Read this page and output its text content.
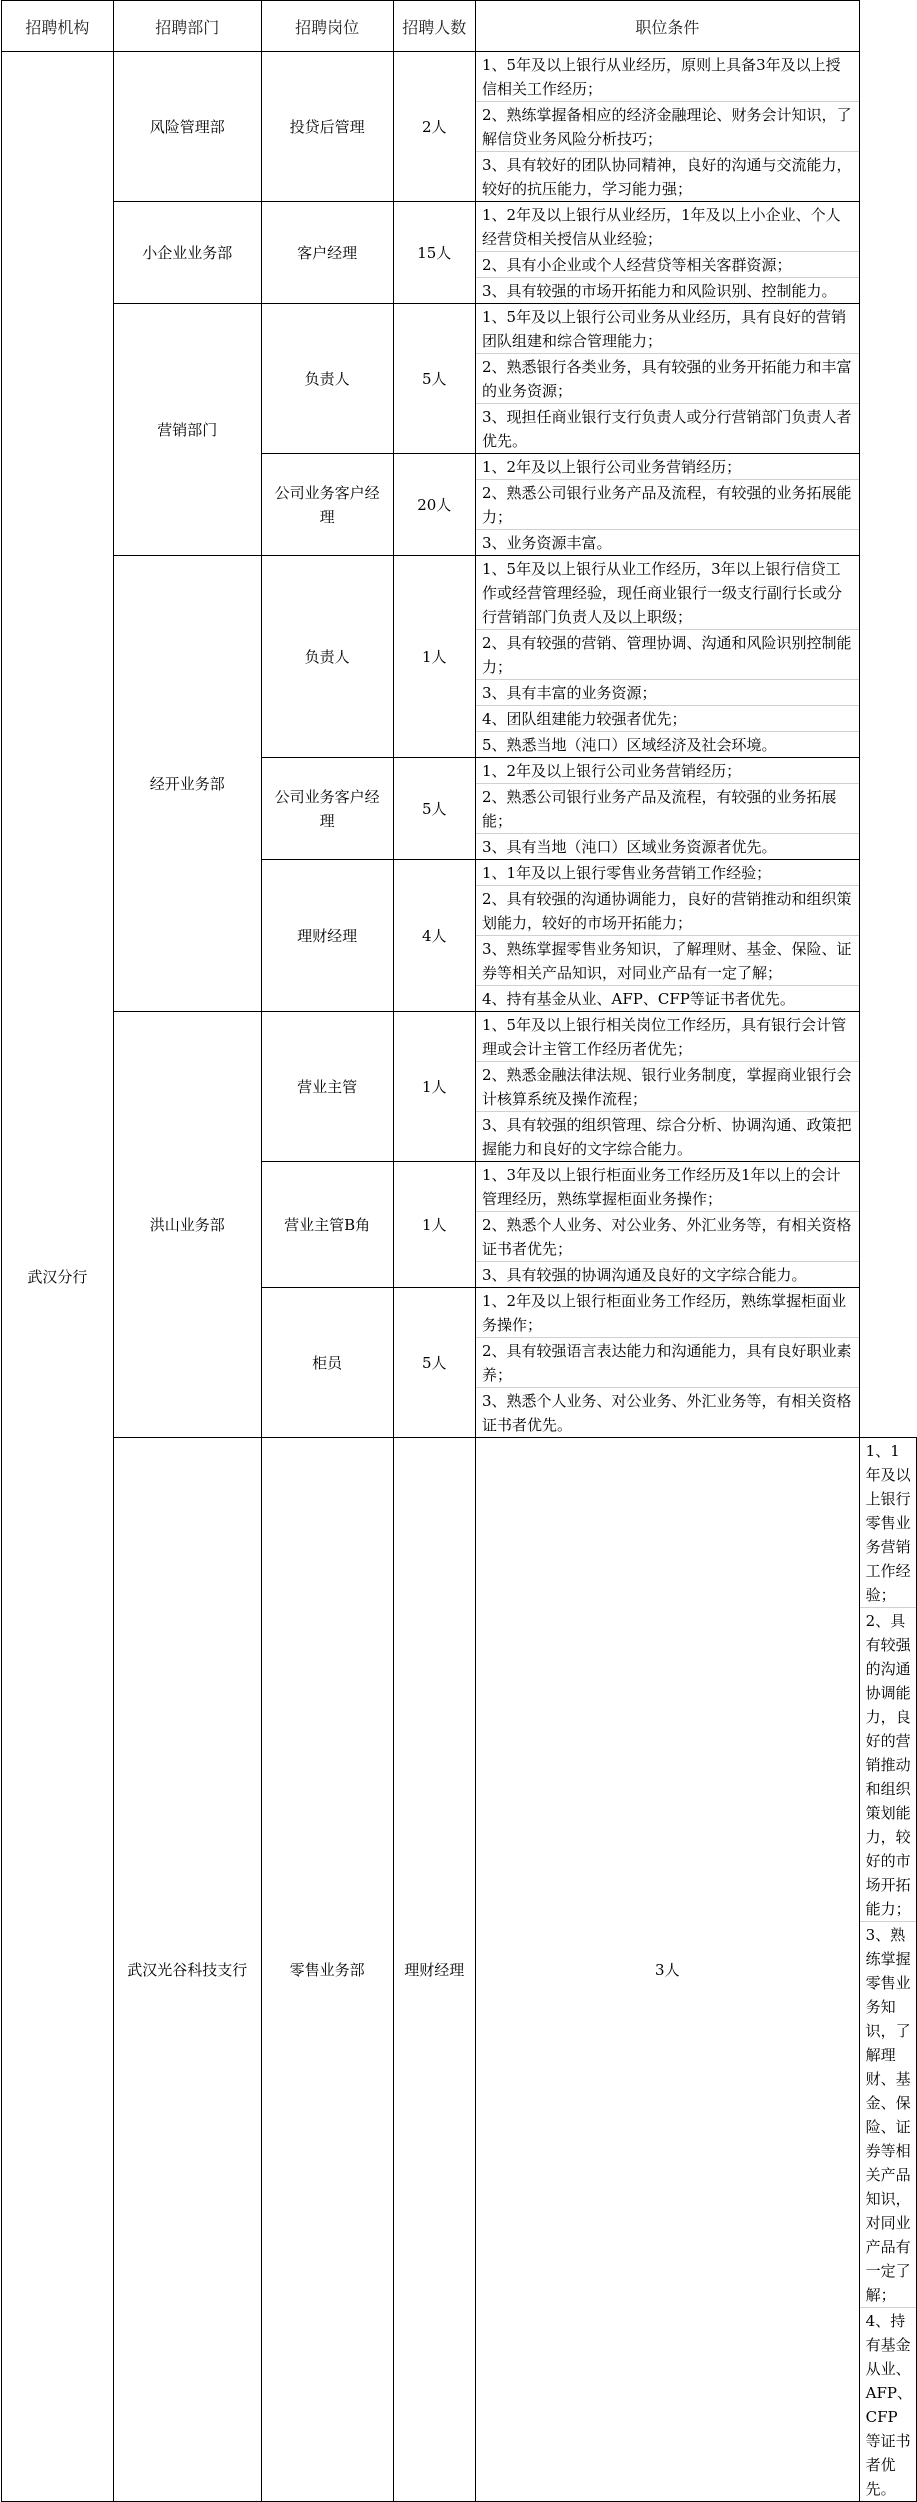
招聘机构	招聘部门	招聘岗位	招聘人数	职位条件	
武汉分行	风险管理部	投贷后管理	2人	1、5年及以上银行从业经历，原则上具备3年及以上授信相关工作经历；
2、熟练掌握备相应的经济金融理论、财务会计知识，了解信贷业务风险分析技巧；
3、具有较好的团队协同精神，良好的沟通与交流能力，较好的抗压能力，学习能力强；	

	小企业业务部	客户经理	15人	1、2年及以上银行从业经历，1年及以上小企业、个人经营贷相关授信从业经验；
2、具有小企业或个人经营贷等相关客群资源；
3、具有较强的市场开拓能力和风险识别、控制能力。	

	营销部门	负责人	5人	1、5年及以上银行公司业务从业经历，具有良好的营销团队组建和综合管理能力；
2、熟悉银行各类业务，具有较强的业务开拓能力和丰富的业务资源；
3、现担任商业银行支行负责人或分行营销部门负责人者优先。	

		公司业务客户经理	20人	1、2年及以上银行公司业务营销经历；
2、熟悉公司银行业务产品及流程，有较强的业务拓展能力；
3、业务资源丰富。	

	经开业务部	负责人	1人	1、5年及以上银行从业工作经历，3年以上银行信贷工作或经营管理经验，现任商业银行一级支行副行长或分行营销部门负责人及以上职级；
2、具有较强的营销、管理协调、沟通和风险识别控制能力；
3、具有丰富的业务资源；
4、团队组建能力较强者优先；
5、熟悉当地（沌口）区域经济及社会环境。	

		公司业务客户经理	5人	1、2年及以上银行公司业务营销经历；
2、熟悉公司银行业务产品及流程，有较强的业务拓展能；
3、具有当地（沌口）区域业务资源者优先。	

		理财经理	4人	1、1年及以上银行零售业务营销工作经验；
2、具有较强的沟通协调能力，良好的营销推动和组织策划能力，较好的市场开拓能力；
3、熟练掌握零售业务知识，了解理财、基金、保险、证券等相关产品知识，对同业产品有一定了解；
4、持有基金从业、AFP、CFP等证书者优先。	

	洪山业务部	营业主管	1人	1、5年及以上银行相关岗位工作经历，具有银行会计管理或会计主管工作经历者优先；
2、熟悉金融法律法规、银行业务制度，掌握商业银行会计核算系统及操作流程；
3、具有较强的组织管理、综合分析、协调沟通、政策把握能力和良好的文字综合能力。	

		营业主管B角	1人	1、3年及以上银行柜面业务工作经历及1年以上的会计管理经历，熟练掌握柜面业务操作；
2、熟悉个人业务、对公业务、外汇业务等，有相关资格证书者优先；
3、具有较强的协调沟通及良好的文字综合能力。	

		柜员	5人	1、2年及以上银行柜面业务工作经历，熟练掌握柜面业务操作；
2、具有较强语言表达能力和沟通能力，具有良好职业素养；
3、熟悉个人业务、对公业务、外汇业务等，有相关资格证书者优先。	

	武汉光谷科技支行	零售业务部	理财经理	3人	1、1年及以上银行零售业务营销工作经验；
2、具有较强的沟通协调能力，良好的营销推动和组织策划能力，较好的市场开拓能力；
3、熟练掌握零售业务知识，了解理财、基金、保险、证券等相关产品知识，对同业产品有一定了解；
4、持有基金从业、AFP、CFP等证书者优先。
